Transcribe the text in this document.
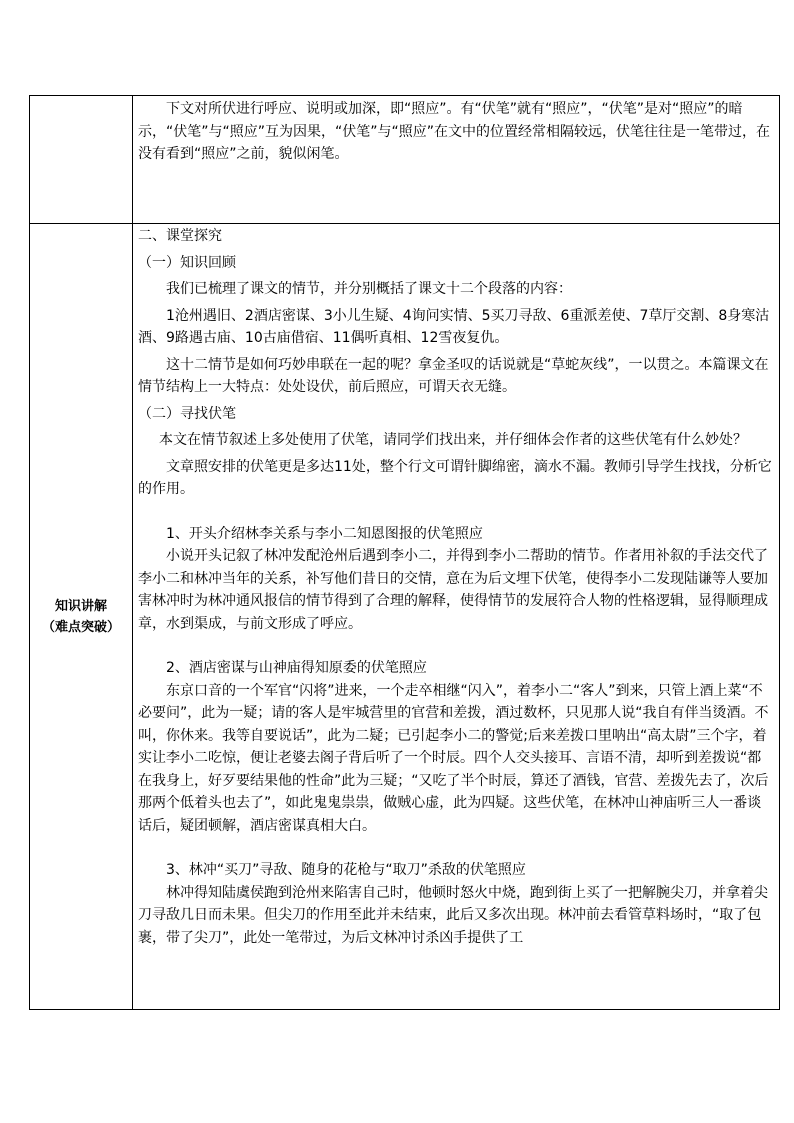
下文对所伏进行呼应、说明或加深，即“照应”。有“伏笔”就有“照应”，“伏笔”是对“照应”的暗示，“伏笔”与“照应”互为因果，“伏笔”与“照应”在文中的位置经常相隔较远，伏笔往往是一笔带过，在没有看到“照应”之前，貌似闲笔。

知识讲解
（难点突破）

二、课堂探究

（一）知识回顾

我们已梳理了课文的情节，并分别概括了课文十二个段落的内容：

1沧州遇旧、2酒店密谋、3小儿生疑、4询问实情、5买刀寻敌、6重派差使、7草厅交割、8身寒沽酒、9路遇古庙、10古庙借宿、11偶听真相、12雪夜复仇。

这十二情节是如何巧妙串联在一起的呢？拿金圣叹的话说就是“草蛇灰线”，一以贯之。本篇课文在情节结构上一大特点：处处设伏，前后照应，可谓天衣无缝。

（二）寻找伏笔

本文在情节叙述上多处使用了伏笔，请同学们找出来，并仔细体会作者的这些伏笔有什么妙处？

文章照安排的伏笔更是多达11处，整个行文可谓针脚绵密，滴水不漏。教师引导学生找找，分析它的作用。

1、开头介绍林李关系与李小二知恩图报的伏笔照应

小说开头记叙了林冲发配沧州后遇到李小二，并得到李小二帮助的情节。作者用补叙的手法交代了李小二和林冲当年的关系，补写他们昔日的交情，意在为后文埋下伏笔，使得李小二发现陆谦等人要加害林冲时为林冲通风报信的情节得到了合理的解释，使得情节的发展符合人物的性格逻辑，显得顺理成章，水到渠成，与前文形成了呼应。

2、酒店密谋与山神庙得知原委的伏笔照应

东京口音的一个军官“闪将”进来，一个走卒相继“闪入”，着李小二“客人”到来，只管上酒上菜“不必要问”，此为一疑；请的客人是牢城营里的官营和差拨，酒过数杯，只见那人说“我自有伴当烫酒。不叫，你休来。我等自要说话”，此为二疑；已引起李小二的警觉;后来差拨口里呐出“高太尉”三个字，着实让李小二吃惊，便让老婆去阁子背后听了一个时辰。四个人交头接耳、言语不清，却听到差拨说“都在我身上，好歹要结果他的性命”此为三疑；“又吃了半个时辰，算还了酒钱，官营、差拨先去了，次后那两个低着头也去了”，如此鬼鬼祟祟，做贼心虚，此为四疑。这些伏笔，在林冲山神庙听三人一番谈话后，疑团顿解，酒店密谋真相大白。

3、林冲“买刀”寻敌、随身的花枪与“取刀”杀敌的伏笔照应

林冲得知陆虞侯跑到沧州来陷害自己时，他顿时怒火中烧，跑到街上买了一把解腕尖刀，并拿着尖刀寻敌几日而未果。但尖刀的作用至此并未结束，此后又多次出现。林冲前去看管草料场时，“取了包裹，带了尖刀”，此处一笔带过，为后文林冲讨杀凶手提供了工
